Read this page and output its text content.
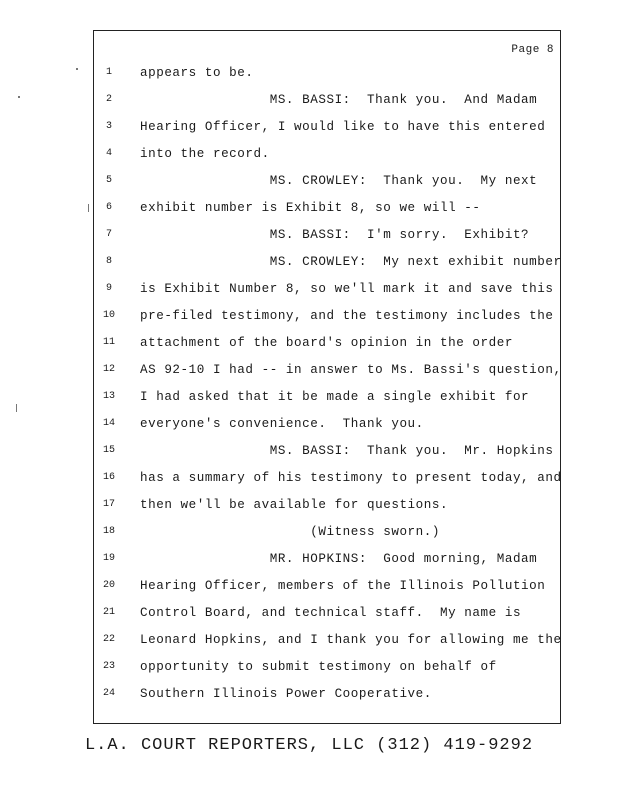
Page 8
1	appears to be.
2	MS. BASSI:  Thank you.  And Madam
3	Hearing Officer, I would like to have this entered
4	into the record.
5	MS. CROWLEY:  Thank you.  My next
6	exhibit number is Exhibit 8, so we will --
7	MS. BASSI:  I'm sorry.  Exhibit?
8	MS. CROWLEY:  My next exhibit number
9	is Exhibit Number 8, so we'll mark it and save this
10	pre-filed testimony, and the testimony includes the
11	attachment of the board's opinion in the order
12	AS 92-10 I had -- in answer to Ms. Bassi's question,
13	I had asked that it be made a single exhibit for
14	everyone's convenience.  Thank you.
15	MS. BASSI:  Thank you.  Mr. Hopkins
16	has a summary of his testimony to present today, and
17	then we'll be available for questions.
18	(Witness sworn.)
19	MR. HOPKINS:  Good morning, Madam
20	Hearing Officer, members of the Illinois Pollution
21	Control Board, and technical staff.  My name is
22	Leonard Hopkins, and I thank you for allowing me the
23	opportunity to submit testimony on behalf of
24	Southern Illinois Power Cooperative.
L.A. COURT REPORTERS, LLC (312) 419-9292
